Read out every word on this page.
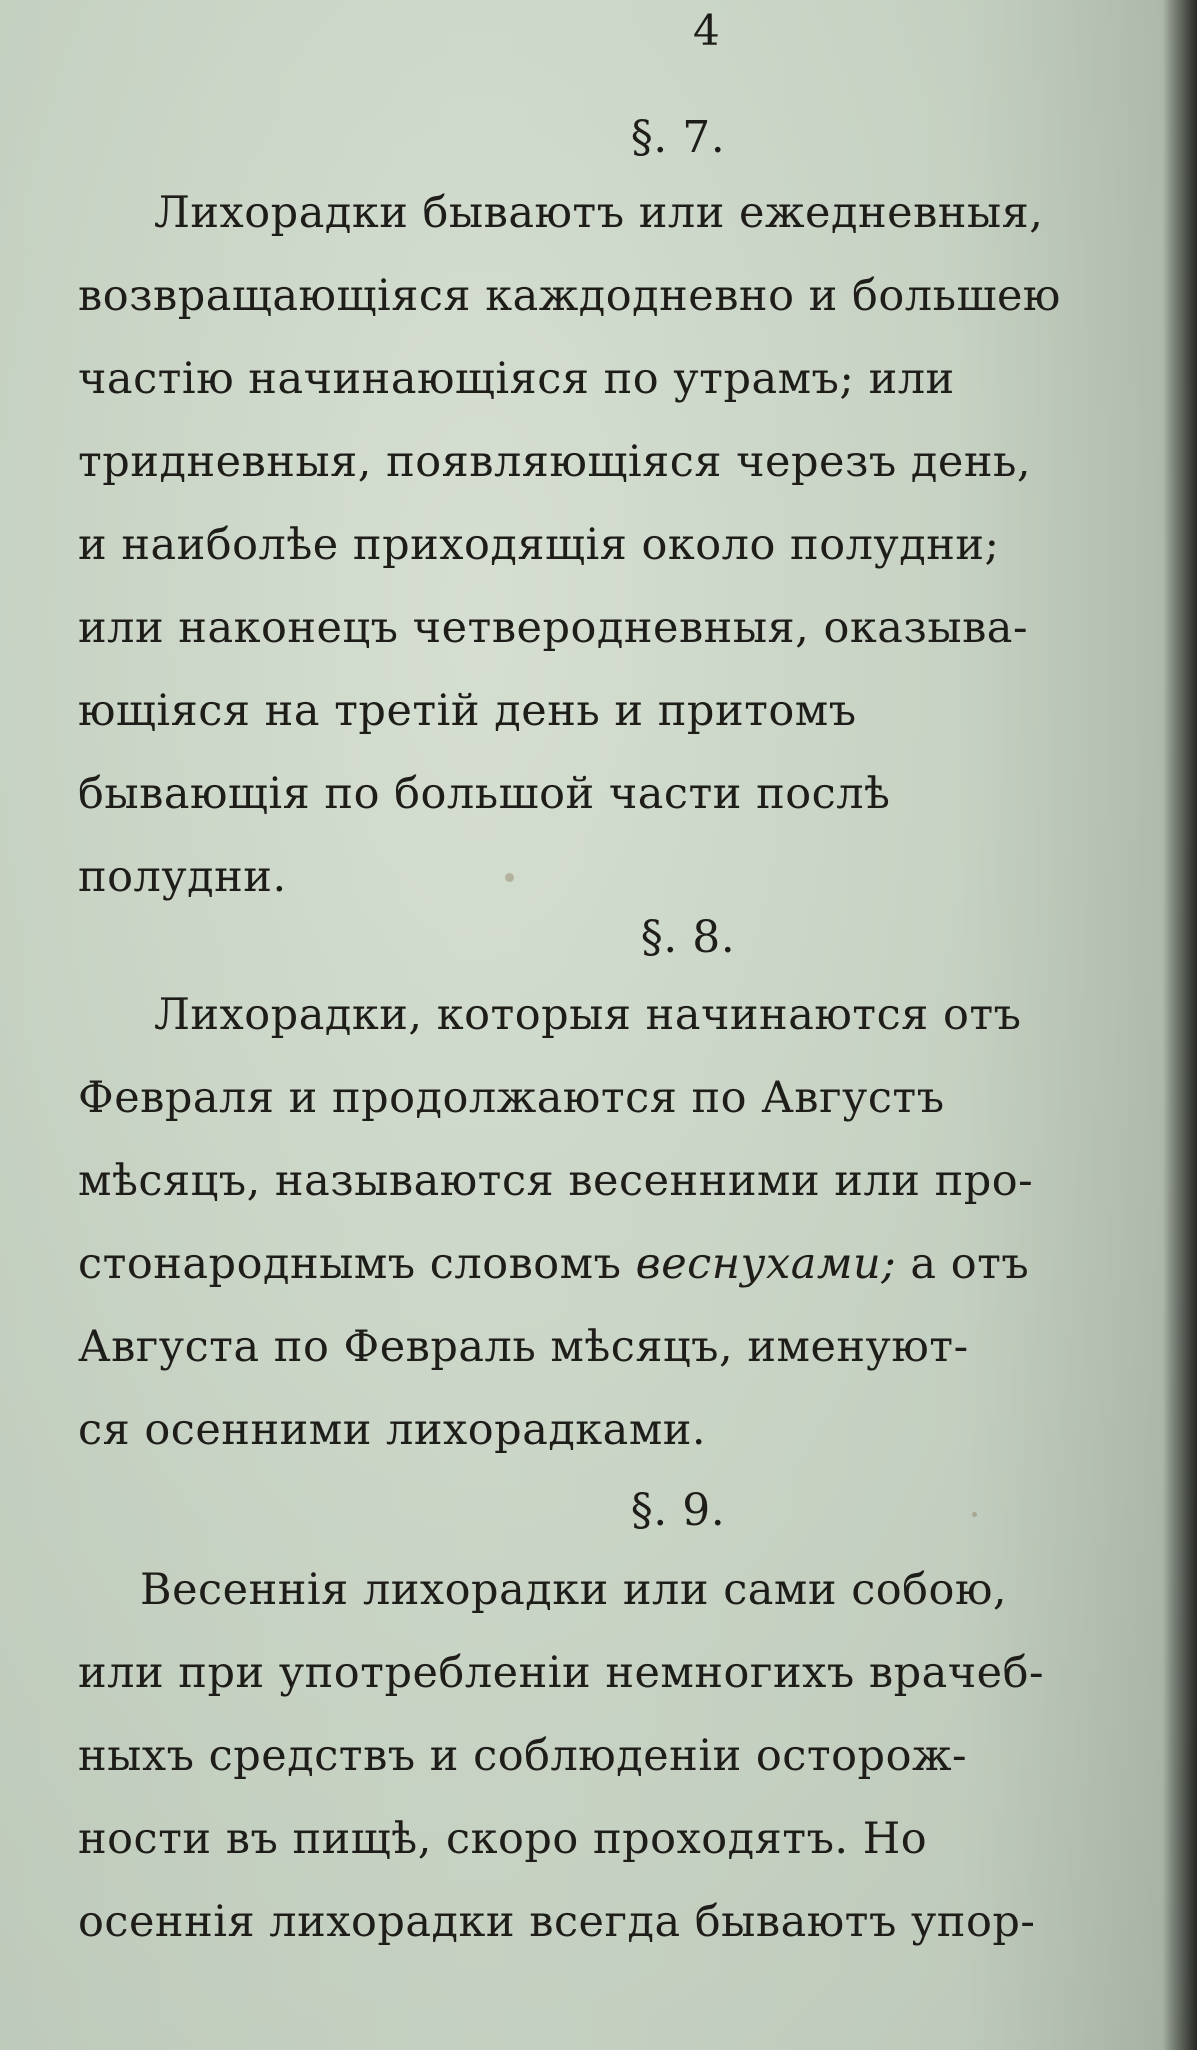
4
§. 7.
Лихорадки бываютъ или ежедневныя,
возвращающіяся каждодневно и большею
частію начинающіяся по утрамъ; или
тридневныя, появляющіяся черезъ день,
и наиболѣе приходящія около полудни;
или наконецъ четверодневныя, оказыва-
ющіяся на третій день и притомъ
бывающія по большой части послѣ
полудни.
§. 8.
Лихорадки, которыя начинаются отъ
Февраля и продолжаются по Августъ
мѣсяцъ, называются весенними или про-
стонароднымъ словомъ веснухами; а отъ
Августа по Февраль мѣсяцъ, именуют-
ся осенними лихорадками.
§. 9.
Весеннія лихорадки или сами собою,
или при употребленіи немногихъ врачеб-
ныхъ средствъ и соблюденіи осторож-
ности въ пищѣ, скоро проходятъ. Но
осеннія лихорадки всегда бываютъ упор-
